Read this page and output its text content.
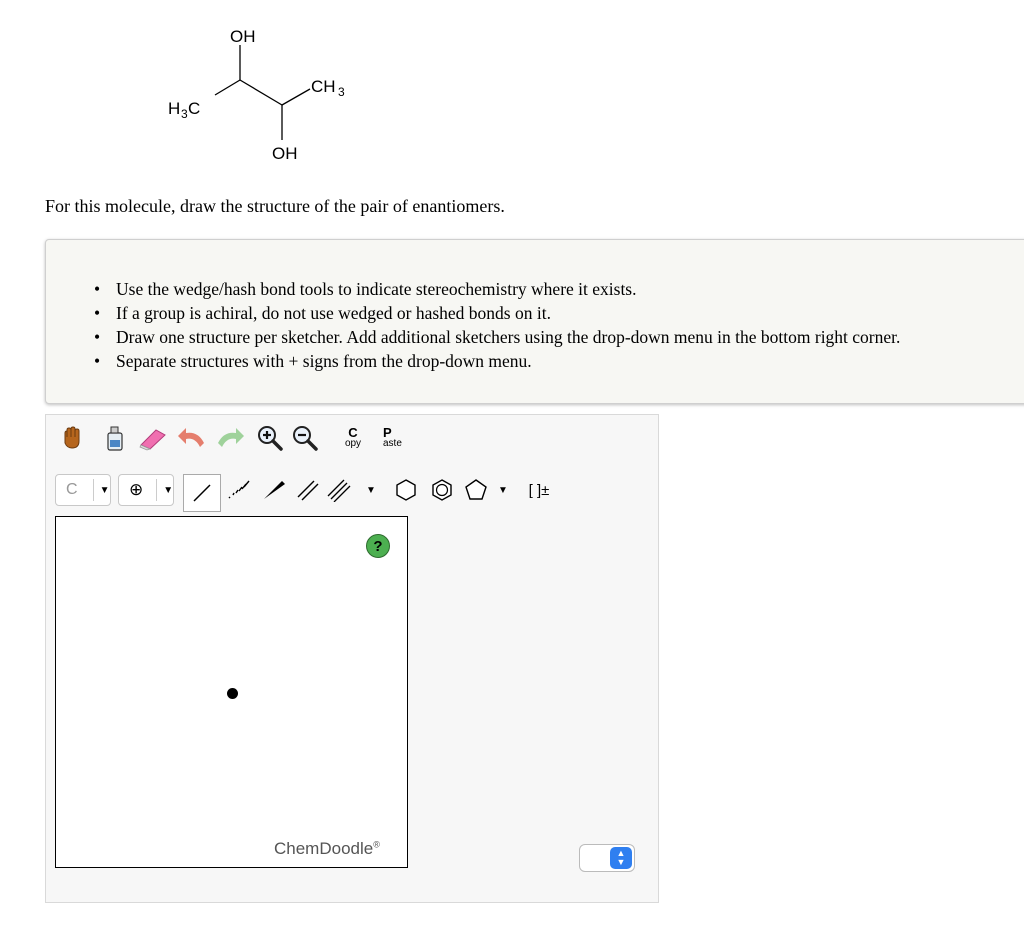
OH
CH 3
H 3 C
OH

For this molecule, draw the structure of the pair of enantiomers.

• Use the wedge/hash bond tools to indicate stereochemistry where it exists.
• If a group is achiral, do not use wedged or hashed bonds on it.
• Draw one structure per sketcher. Add additional sketchers using the drop-down menu in the bottom right corner.
• Separate structures with + signs from the drop-down menu.
C
opy
P
aste
C ▼ ⊕ ▼	▼	▼ [ ]±
?
ChemDoodle®
▲
▼
